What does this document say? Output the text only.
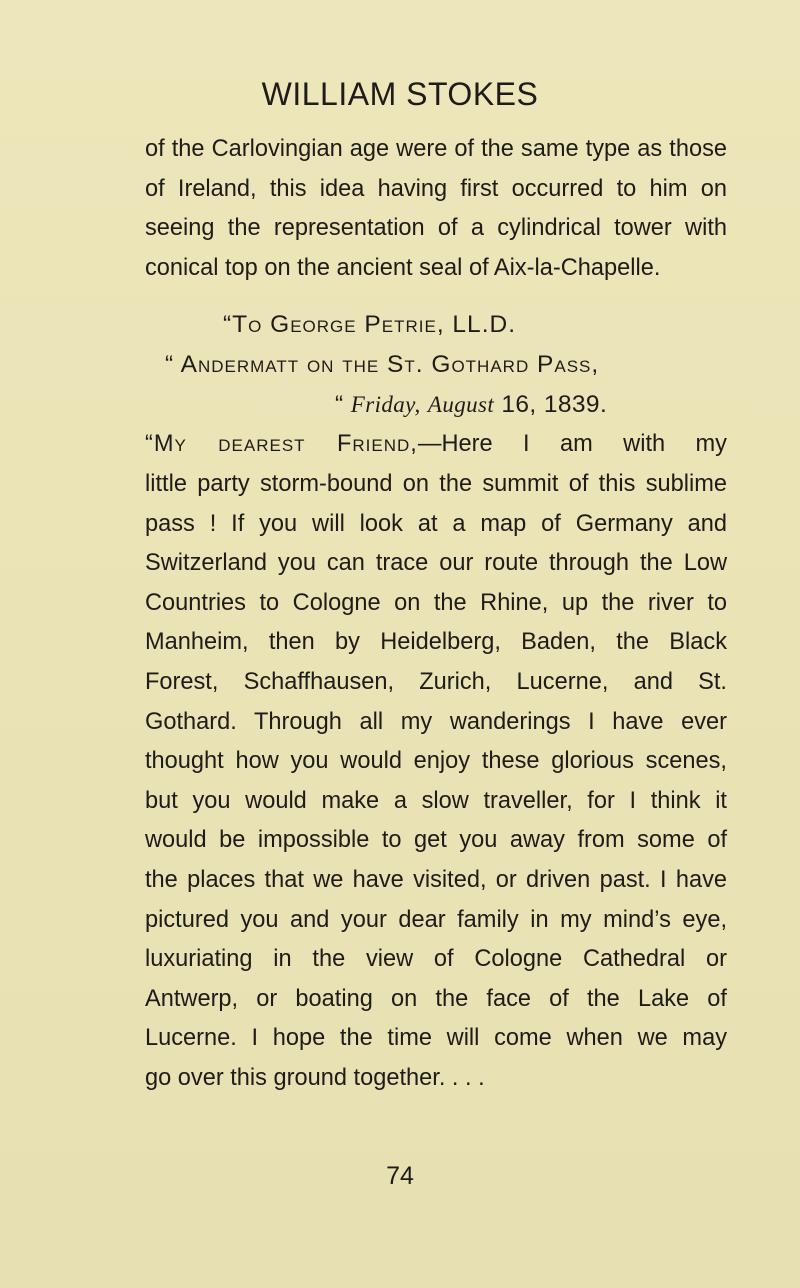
WILLIAM STOKES
of the Carlovingian age were of the same type as those
of Ireland, this idea having first occurred to him on
seeing the representation of a cylindrical tower with
conical top on the ancient seal of Aix-la-Chapelle.
“To George Petrie, LL.D.
“ Andermatt on the St. Gothard Pass,
“ Friday, August 16, 1839.
“My dearest Friend,—Here I am with my
little party storm-bound on the summit of this sublime
pass ! If you will look at a map of Germany and
Switzerland you can trace our route through the Low
Countries to Cologne on the Rhine, up the river to
Manheim, then by Heidelberg, Baden, the Black
Forest, Schaffhausen, Zurich, Lucerne, and St.
Gothard. Through all my wanderings I have ever
thought how you would enjoy these glorious scenes,
but you would make a slow traveller, for I think it
would be impossible to get you away from some of
the places that we have visited, or driven past. I have
pictured you and your dear family in my mind’s eye,
luxuriating in the view of Cologne Cathedral or
Antwerp, or boating on the face of the Lake of
Lucerne. I hope the time will come when we may
go over this ground together. . . .
74
